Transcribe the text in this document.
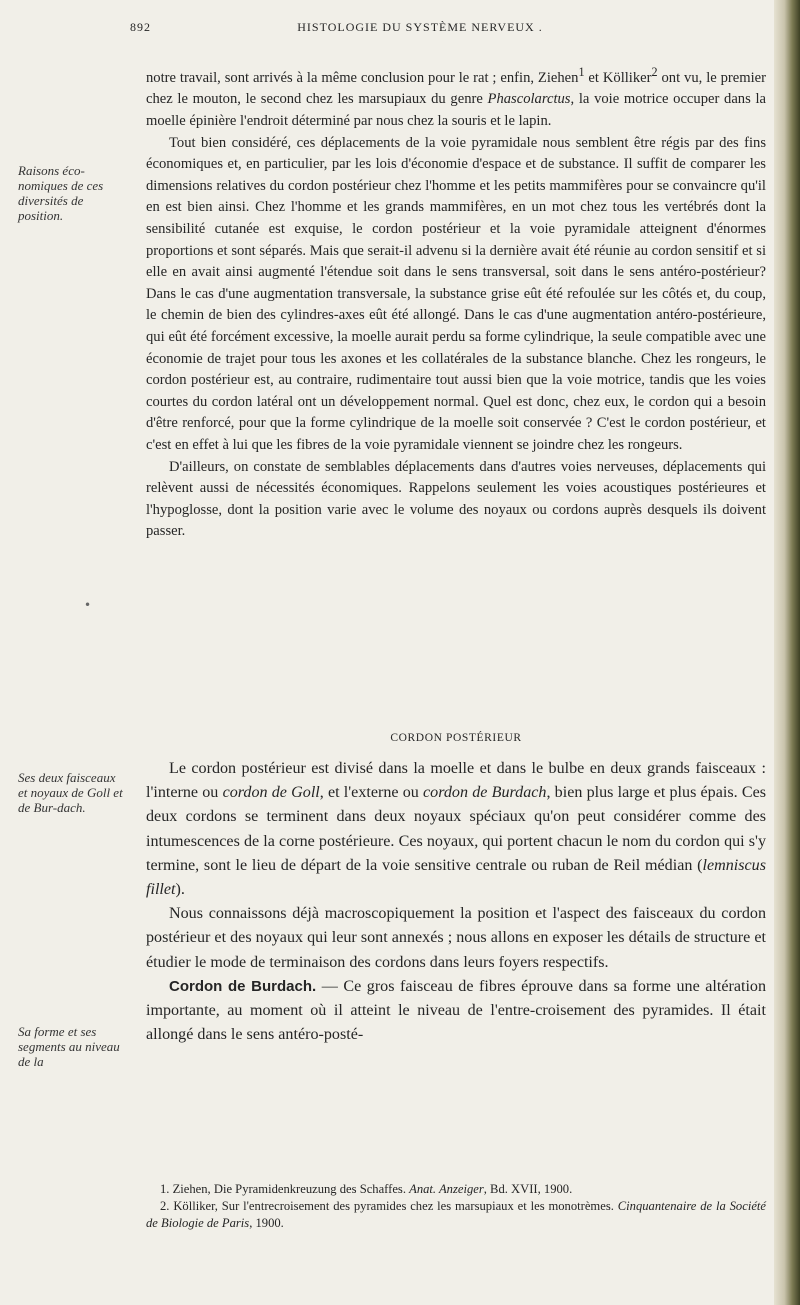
892	HISTOLOGIE DU SYSTÈME NERVEUX .
Raisons éco-nomiques de ces diversités de position.
Ses deux faisceaux et noyaux de Goll et de Bur-dach.
Sa forme et ses segments au niveau de la
•

notre travail, sont arrivés à la même conclusion pour le rat ; enfin, Ziehen$^1$ et Kölliker$^2$ ont vu, le premier chez le mouton, le second chez les marsupiaux du genre Phascolarctus, la voie motrice occuper dans la moelle épinière l'endroit déterminé par nous chez la souris et le lapin.

Tout bien considéré, ces déplacements de la voie pyramidale nous semblent être régis par des fins économiques et, en particulier, par les lois d'économie d'espace et de substance. Il suffit de comparer les dimensions relatives du cordon postérieur chez l'homme et les petits mammifères pour se convaincre qu'il en est bien ainsi. Chez l'homme et les grands mammifères, en un mot chez tous les vertébrés dont la sensibilité cutanée est exquise, le cordon postérieur et la voie pyramidale atteignent d'énormes proportions et sont séparés. Mais que serait-il advenu si la dernière avait été réunie au cordon sensitif et si elle en avait ainsi augmenté l'étendue soit dans le sens transversal, soit dans le sens antéro-postérieur? Dans le cas d'une augmentation transversale, la substance grise eût été refoulée sur les côtés et, du coup, le chemin de bien des cylindres-axes eût été allongé. Dans le cas d'une augmentation antéro-postérieure, qui eût été forcément excessive, la moelle aurait perdu sa forme cylindrique, la seule compatible avec une économie de trajet pour tous les axones et les collatérales de la substance blanche. Chez les rongeurs, le cordon postérieur est, au contraire, rudimentaire tout aussi bien que la voie motrice, tandis que les voies courtes du cordon latéral ont un développement normal. Quel est donc, chez eux, le cordon qui a besoin d'être renforcé, pour que la forme cylindrique de la moelle soit conservée ? C'est le cordon postérieur, et c'est en effet à lui que les fibres de la voie pyramidale viennent se joindre chez les rongeurs.

D'ailleurs, on constate de semblables déplacements dans d'autres voies nerveuses, déplacements qui relèvent aussi de nécessités économiques. Rappelons seulement les voies acoustiques postérieures et l'hypoglosse, dont la position varie avec le volume des noyaux ou cordons auprès desquels ils doivent passer.

CORDON POSTÉRIEUR

Le cordon postérieur est divisé dans la moelle et dans le bulbe en deux grands faisceaux : l'interne ou cordon de Goll, et l'externe ou cordon de Burdach, bien plus large et plus épais. Ces deux cordons se terminent dans deux noyaux spéciaux qu'on peut considérer comme des intumescences de la corne postérieure. Ces noyaux, qui portent chacun le nom du cordon qui s'y termine, sont le lieu de départ de la voie sensitive centrale ou ruban de Reil médian (lemniscus fillet).

Nous connaissons déjà macroscopiquement la position et l'aspect des faisceaux du cordon postérieur et des noyaux qui leur sont annexés ; nous allons en exposer les détails de structure et étudier le mode de terminaison des cordons dans leurs foyers respectifs.

Cordon de Burdach. — Ce gros faisceau de fibres éprouve dans sa forme une altération importante, au moment où il atteint le niveau de l'entre-croisement des pyramides. Il était allongé dans le sens antéro-posté-

1. Ziehen, Die Pyramidenkreuzung des Schaffes. Anat. Anzeiger, Bd. XVII, 1900.

2. Kölliker, Sur l'entrecroisement des pyramides chez les marsupiaux et les monotrèmes. Cinquantenaire de la Société de Biologie de Paris, 1900.
